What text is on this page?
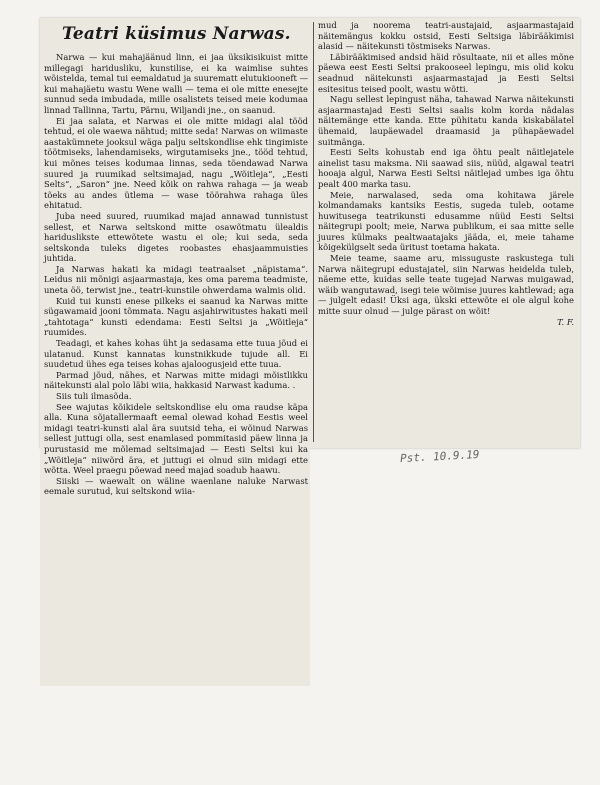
Teatri küsimus Narwas.

Narwa — kui mahajäänud linn, ei jaa üksikisikuist mitte millegagi haridusliku, kunstilise, ei ka waimlise suhtes wõistelda, temal tui eemaldatud ja suurematt elutukiooneft — kui mahajäetu wastu Wene walli — tema ei ole mitte enesejte sunnud seda imbudada, mille osalistets teised meie kodumaa linnad Tallinna, Tartu, Pärnu, Wiljandi jne., on saanud.

Ei jaa salata, et Narwas ei ole mitte midagi alal tööd tehtud, ei ole waewa nähtud; mitte seda! Narwas on wiimaste aastakümnete jooksul wäga palju seltskondlise ehk tingimiste töötmiseks, lahendamiseks, wirgutamiseks jne., tööd tehtud, kui mõnes teises kodumaa linnas, seda tõendawad Narwa suured ja ruumikad seltsimajad, nagu „Wõitleja“, „Eesti Selts“, „Saron“ jne. Need kõik on rahwa rahaga — ja weab tõeks au andes ütlema — wase töörahwa rahaga üles ehitatud.

Juba need suured, ruumikad majad annawad tunnistust sellest, et Narwa seltskond mitte osawõtmatu ülealdis hariduslikste ettewõtete wastu ei ole; kui seda, seda seltskonda tuleks digetes roobastes ehasjaammuisties juhtida.

Ja Narwas hakati ka midagi teatraalset „näpistama“. Leidus nii mõnigi asjaarmastaja, kes oma parema teadmiste, uneta öö, terwist jne., teatri-kunstile ohwerdama walmis olid.

Kuid tui kunsti enese pilkeks ei saanud ka Narwas mitte sügawamaid jooni tõmmata. Nagu asjahirwitustes hakati meil „tahtotaga“ kunsti edendama: Eesti Seltsi ja „Wõitleja“ ruumides.

Teadagi, et kahes kohas üht ja sedasama ette tuua jõud ei ulatanud. Kunst kannatas kunstnikkude tujude all. Ei suudetud ühes ega teises kohas ajaloogusjeid ette tuua.

Parmad jõud, nähes, et Narwas mitte midagi mõistlikku näitekunsti alal polo läbi wiia, hakkasid Narwast kaduma. .

Siis tuli ilmasõda.

See wajutas kõikidele seltskondlise elu oma raudse käpa alla. Kuna sõjatallermaaft eemal olewad kohad Eestis weel midagi teatri-kunsti alal ära suutsid teha, ei wõinud Narwas sellest juttugi olla, sest enamlased pommitasid päew linna ja purustasid me mõlemad seltsimajad — Eesti Seltsi kui ka „Wõitleja“ niiwõrd ära, et juttugi ei olnud siin midagi ette wõtta. Weel praegu põewad need majad soadub haawu.

Siiski — waewalt on wäline waenlane naluke Narwast eemale surutud, kui seltskond wiia-

mud ja noorema teatri-austajaid, asjaarmastajaid näitemängus kokku ostsid, Eesti Seltsiga läbirääkimisi alasid — näitekunsti tõstmiseks Narwas.

Läbirääkimised andsid häid rõsultaate, nii et alles mõne päewa eest Eesti Seltsi prakooseel lepingu, mis olid koku seadnud näitekunsti asjaarmastajad ja Eesti Seltsi esitesitus teised poolt, wastu wõtti.

Nagu sellest lepingust näha, tahawad Narwa näitekunsti asjaarmastajad Eesti Seltsi saalis kolm korda nädalas näitemänge ette kanda. Ette pühitatu kanda kiskabälatel ühemaid, laupäewadel draamasid ja pühapäewadel suitmänga.

Eesti Selts kohustab end iga õhtu pealt näitlejatele ainelist tasu maksma. Nii saawad siis, nüüd, algawal teatri hooaja algul, Narwa Eesti Seltsi näitlejad umbes iga õhtu pealt 400 marka tasu.

Meie, narwalased, seda oma kohitawa järele kolmandamaks kantsiks Eestis, sugeda tuleb, ootame huwitusega teatrikunsti edusamme nüüd Eesti Seltsi näitegrupi poolt; meie, Narwa publikum, ei saa mitte selle juures külmaks pealtwaatajaks jääda, ei, meie tahame kõigekülgselt seda üritust toetama hakata.

Meie teame, saame aru, missuguste raskustega tuli Narwa näitegrupi edustajatel, siin Narwas heidelda tuleb, näeme ette, kuidas selle teate tugejad Narwas muigawad, wäib wangutawad, isegi teie wõimise juures kahtlewad; aga — julgelt edasi! Üksi aga, ükski ettewõte ei ole algul kohe mitte suur olnud — julge pärast on wõit!

T. F.

Pst. 10.9.19
